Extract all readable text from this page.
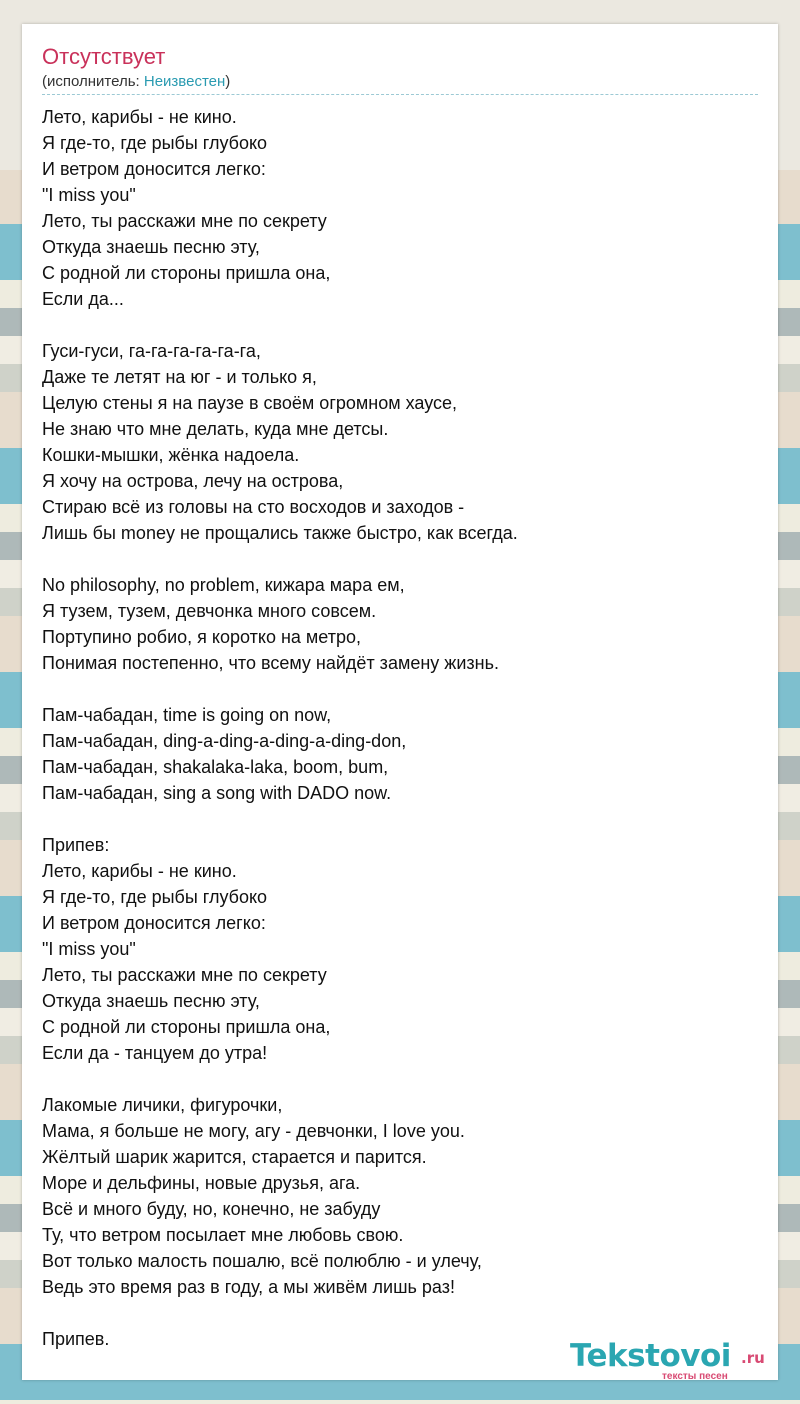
Отсутствует
(исполнитель: Неизвестен)
Лето, карибы - не кино.
Я где-то, где рыбы глубоко
И ветром доносится легко:
"I miss you"
Лето, ты расскажи мне по секрету
Откуда знаешь песню эту,
С родной ли стороны пришла она,
Если да...
Гуси-гуси, га-га-га-га-га-га,
Даже те летят на юг - и только я,
Целую стены я на паузе в своём огромном хаусе,
Не знаю что мне делать, куда мне детсы.
Кошки-мышки, жёнка надоела.
Я хочу на острова, лечу на острова,
Стираю всё из головы на сто восходов и заходов -
Лишь бы money не прощались также быстро, как всегда.
No philosophy, no problem, кижара мара ем,
Я тузем, тузем, девчонка много совсем.
Портупино робио, я коротко на метро,
Понимая постепенно, что всему найдёт замену жизнь.
Пам-чабадан, time is going on now,
Пам-чабадан, ding-a-ding-a-ding-a-ding-don,
Пам-чабадан, shakalaka-laka, boom, bum,
Пам-чабадан, sing a song with DADO now.
Припев:
Лето, карибы - не кино.
Я где-то, где рыбы глубоко
И ветром доносится легко:
"I miss you"
Лето, ты расскажи мне по секрету
Откуда знаешь песню эту,
С родной ли стороны пришла она,
Если да - танцуем до утра!
Лакомые личики, фигурочки,
Мама, я больше не могу, агу - девчонки, I love you.
Жёлтый шарик жарится, старается и парится.
Море и дельфины, новые друзья, ага.
Всё и много буду, но, конечно, не забуду
Ту, что ветром посылает мне любовь свою.
Вот только малость пошалю, всё полюблю - и улечу,
Ведь это время раз в году, а мы живём лишь раз!
Припев.	Tekstovoi .ru
тексты песен
